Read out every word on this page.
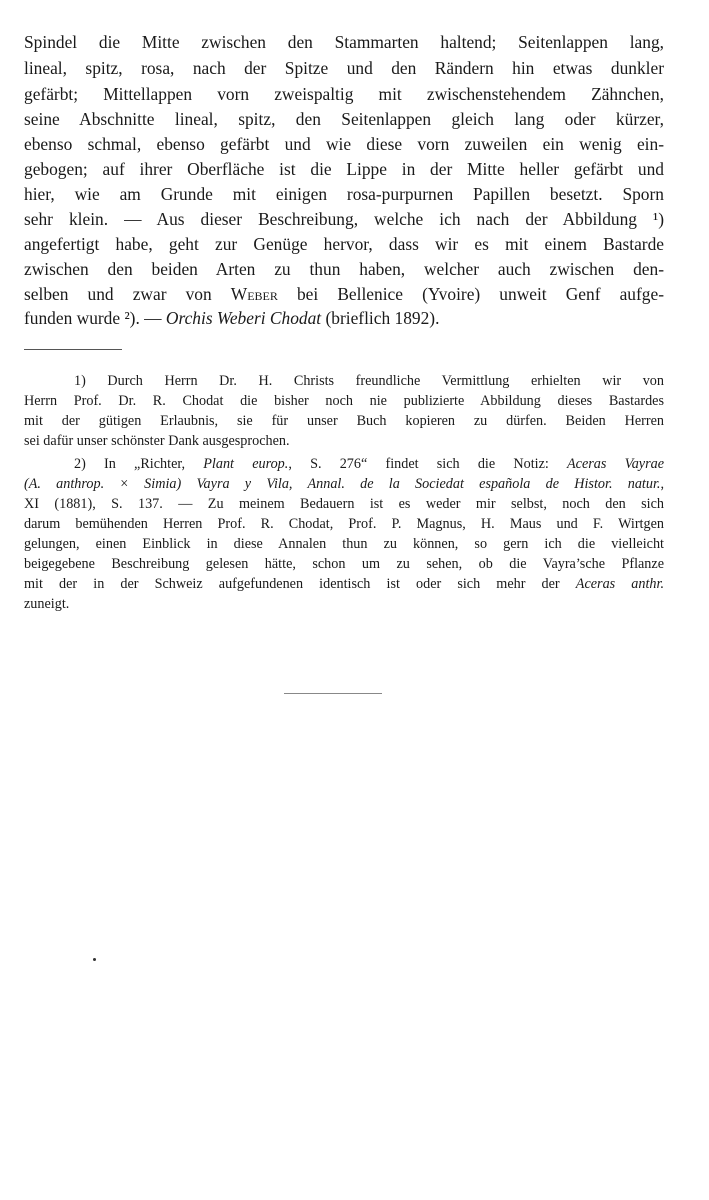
Spindel die Mitte zwischen den Stammarten haltend; Seitenlappen lang,
lineal, spitz, rosa, nach der Spitze und den Rändern hin etwas dunkler
gefärbt; Mittellappen vorn zweispaltig mit zwischenstehendem Zähnchen,
seine Abschnitte lineal, spitz, den Seitenlappen gleich lang oder kürzer,
ebenso schmal, ebenso gefärbt und wie diese vorn zuweilen ein wenig ein-
gebogen; auf ihrer Oberfläche ist die Lippe in der Mitte heller gefärbt und
hier, wie am Grunde mit einigen rosa-purpurnen Papillen besetzt. Sporn
sehr klein. — Aus dieser Beschreibung, welche ich nach der Abbildung ¹)
angefertigt habe, geht zur Genüge hervor, dass wir es mit einem Bastarde
zwischen den beiden Arten zu thun haben, welcher auch zwischen den-
selben und zwar von Weber bei Bellenice (Yvoire) unweit Genf aufge-
funden wurde ²). — Orchis Weberi Chodat (brieflich 1892).
1) Durch Herrn Dr. H. Christs freundliche Vermittlung erhielten wir von
Herrn Prof. Dr. R. Chodat die bisher noch nie publizierte Abbildung dieses Bastardes
mit der gütigen Erlaubnis, sie für unser Buch kopieren zu dürfen. Beiden Herren
sei dafür unser schönster Dank ausgesprochen.
2) In „Richter, Plant europ., S. 276“ findet sich die Notiz: Aceras Vayrae
(A. anthrop. × Simia) Vayra y Vila, Annal. de la Sociedat española de Histor. natur.,
XI (1881), S. 137. — Zu meinem Bedauern ist es weder mir selbst, noch den sich
darum bemühenden Herren Prof. R. Chodat, Prof. P. Magnus, H. Maus und F. Wirtgen
gelungen, einen Einblick in diese Annalen thun zu können, so gern ich die vielleicht
beigegebene Beschreibung gelesen hätte, schon um zu sehen, ob die Vayra’sche Pflanze
mit der in der Schweiz aufgefundenen identisch ist oder sich mehr der Aceras anthr.
zuneigt.
